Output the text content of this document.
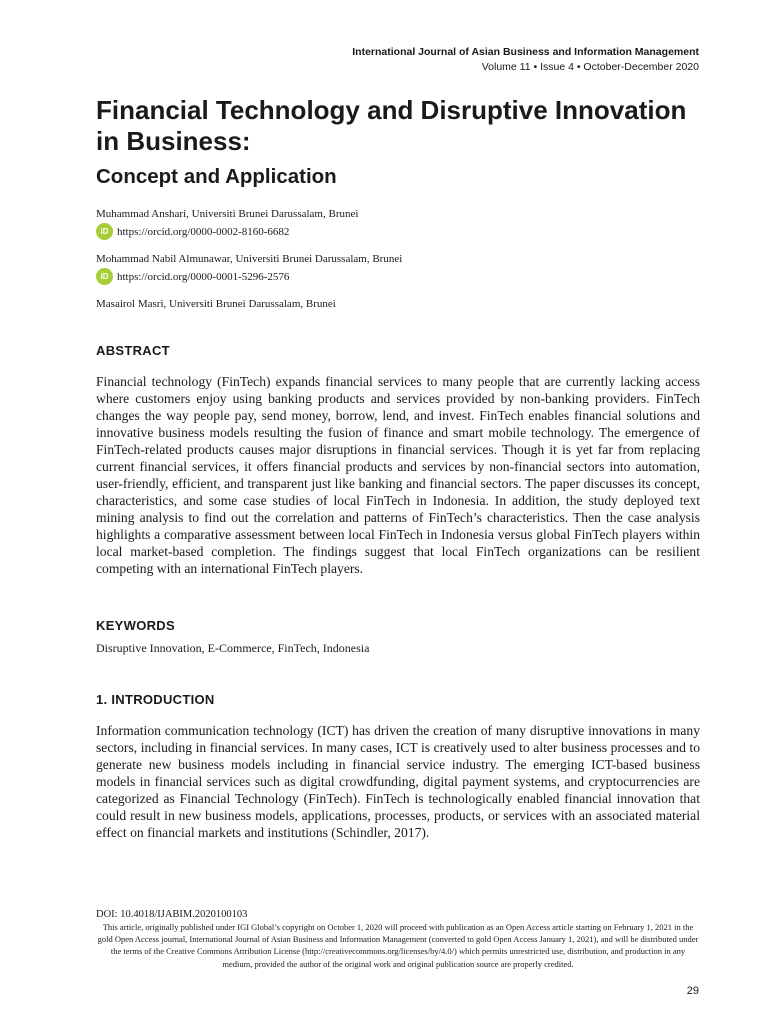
International Journal of Asian Business and Information Management
Volume 11 • Issue 4 • October-December 2020
Financial Technology and Disruptive Innovation in Business:
Concept and Application
Muhammad Anshari, Universiti Brunei Darussalam, Brunei
iD https://orcid.org/0000-0002-8160-6682
Mohammad Nabil Almunawar, Universiti Brunei Darussalam, Brunei
iD https://orcid.org/0000-0001-5296-2576
Masairol Masri, Universiti Brunei Darussalam, Brunei
ABSTRACT

Financial technology (FinTech) expands financial services to many people that are currently lacking access where customers enjoy using banking products and services provided by non-banking providers. FinTech changes the way people pay, send money, borrow, lend, and invest. FinTech enables financial solutions and innovative business models resulting the fusion of finance and smart mobile technology. The emergence of FinTech-related products causes major disruptions in financial services. Though it is yet far from replacing current financial services, it offers financial products and services by non-financial sectors into automation, user-friendly, efficient, and transparent just like banking and financial sectors. The paper discusses its concept, characteristics, and some case studies of local FinTech in Indonesia. In addition, the study deployed text mining analysis to find out the correlation and patterns of FinTech’s characteristics. Then the case analysis highlights a comparative assessment between local FinTech in Indonesia versus global FinTech players within local market-based completion. The findings suggest that local FinTech organizations can be resilient competing with an international FinTech players.

KEYWORDS
Disruptive Innovation, E-Commerce, FinTech, Indonesia
1. INTRODUCTION

Information communication technology (ICT) has driven the creation of many disruptive innovations in many sectors, including in financial services. In many cases, ICT is creatively used to alter business processes and to generate new business models including in financial service industry. The emerging ICT-based business models in financial services such as digital crowdfunding, digital payment systems, and cryptocurrencies are categorized as Financial Technology (FinTech). FinTech is technologically enabled financial innovation that could result in new business models, applications, processes, products, or services with an associated material effect on financial markets and institutions (Schindler, 2017).

DOI: 10.4018/IJABIM.2020100103

This article, originally published under IGI Global’s copyright on October 1, 2020 will proceed with publication as an Open Access article starting on February 1, 2021 in the gold Open Access journal, International Journal of Asian Business and Information Management (converted to gold Open Access January 1, 2021), and will be distributed under the terms of the Creative Commons Attribution License (http://creativecommons.org/licenses/by/4.0/) which permits unrestricted use, distribution, and production in any medium, provided the author of the original work and original publication source are properly credited.

29
